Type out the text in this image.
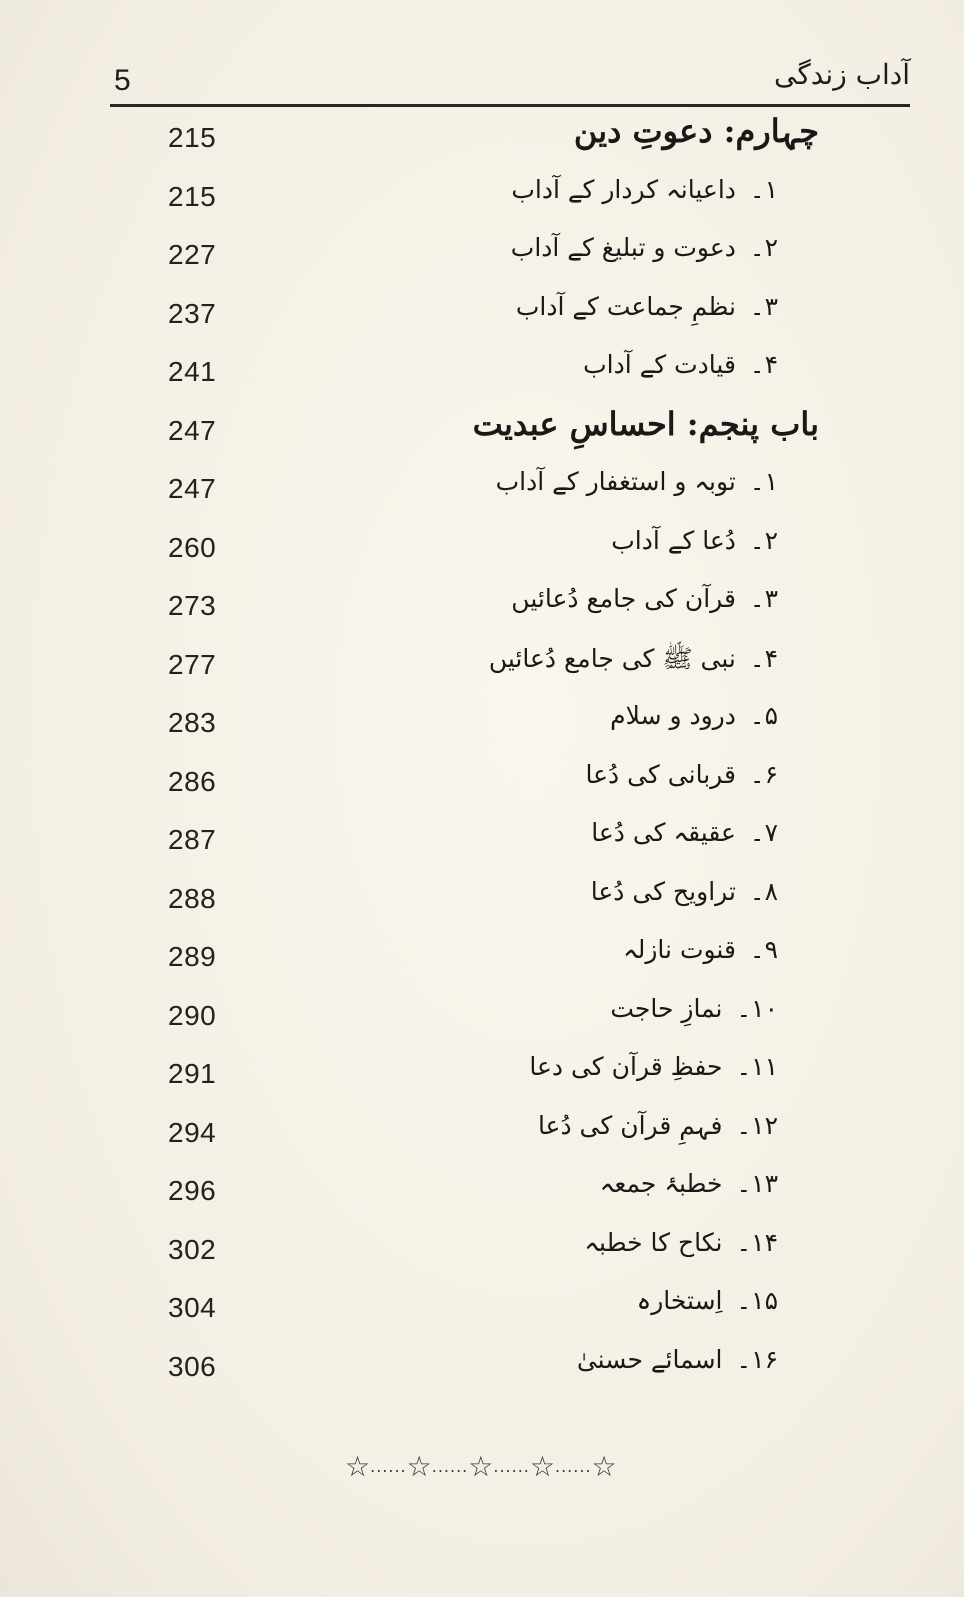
5	آداب زندگی
215	چہارم: دعوتِ دین
215	۱۔داعیانہ کردار کے آداب
227	۲۔دعوت و تبلیغ کے آداب
237	۳۔نظمِ جماعت کے آداب
241	۴۔قیادت کے آداب
247	باب پنجم: احساسِ عبدیت
247	۱۔توبہ و استغفار کے آداب
260	۲۔دُعا کے آداب
273	۳۔قرآن کی جامع دُعائیں
277	۴۔نبی ﷺ کی جامع دُعائیں
283	۵۔درود و سلام
286	۶۔قربانی کی دُعا
287	۷۔عقیقہ کی دُعا
288	۸۔تراویح کی دُعا
289	۹۔قنوت نازلہ
290	۱۰۔نمازِ حاجت
291	۱۱۔حفظِ قرآن کی دعا
294	۱۲۔فہمِ قرآن کی دُعا
296	۱۳۔خطبۂ جمعہ
302	۱۴۔نکاح کا خطبہ
304	۱۵۔اِستخارہ
306	۱۶۔اسمائے حسنیٰ
☆......☆......☆......☆......☆
